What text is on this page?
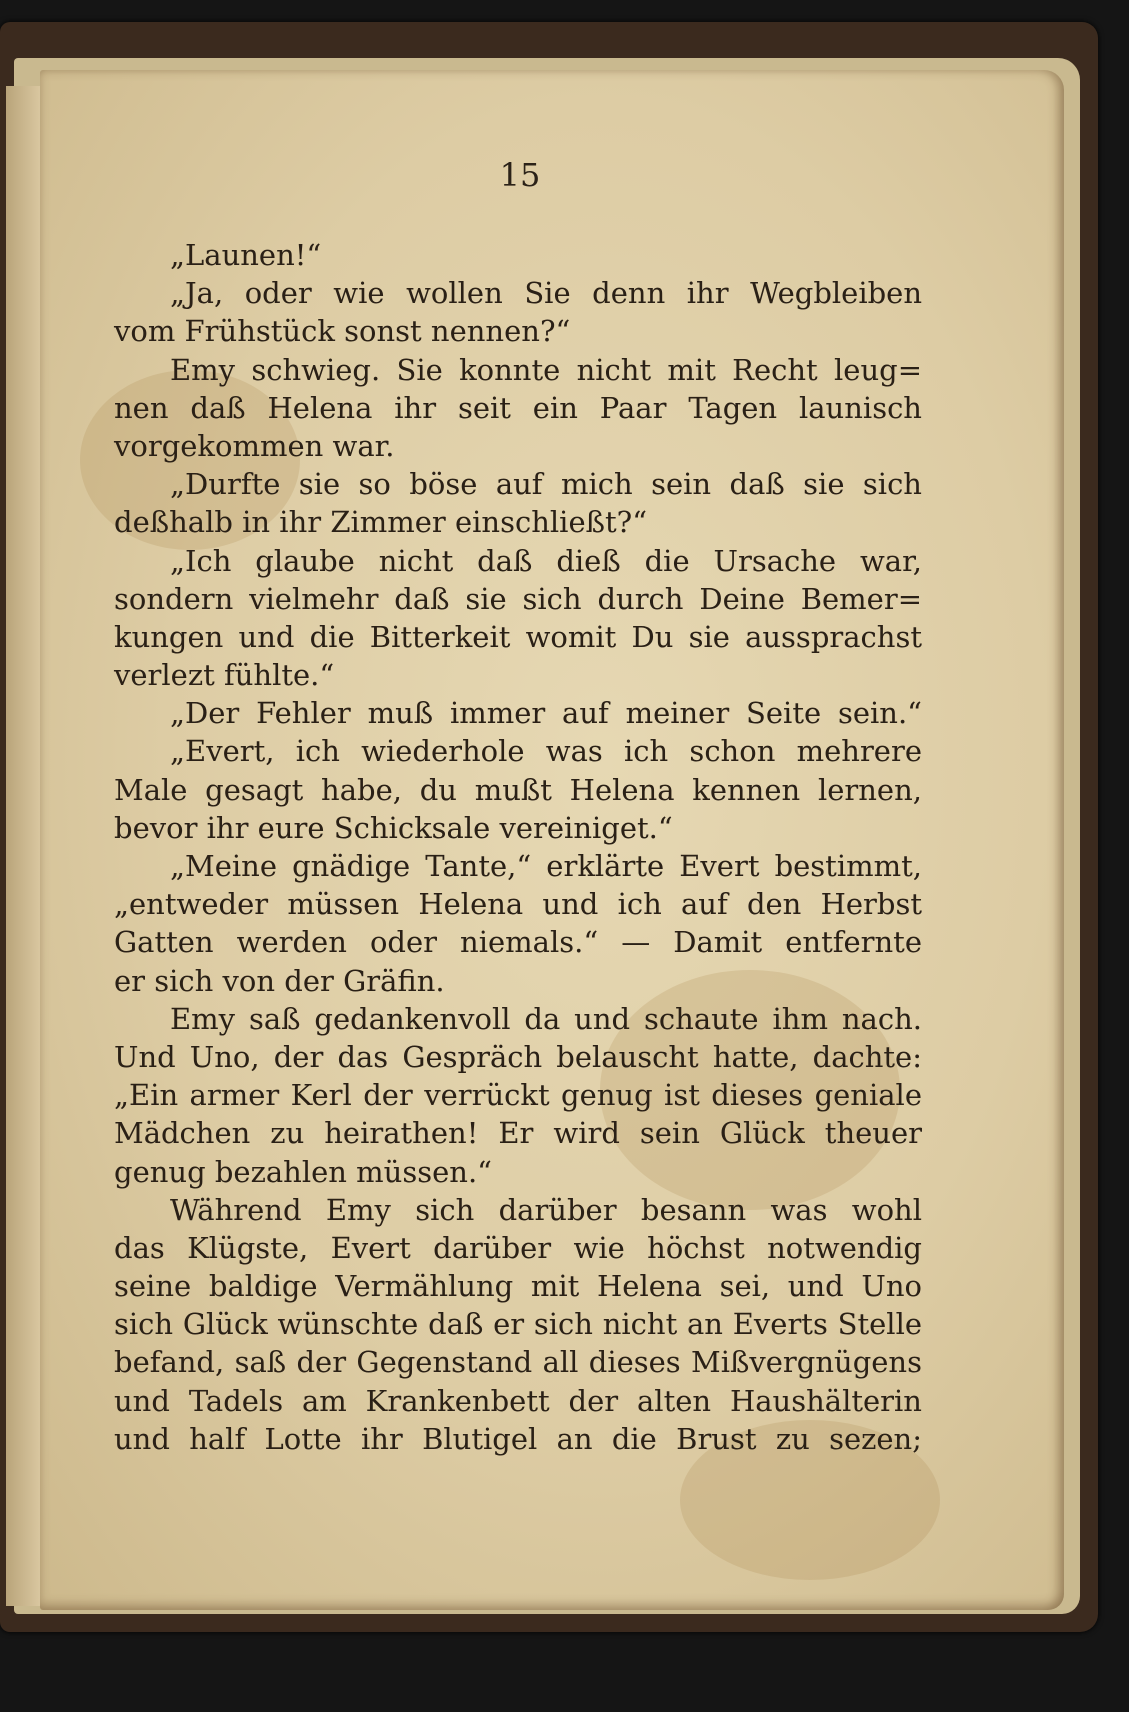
15
„Launen!“
„Ja, oder wie wollen Sie denn ihr Wegbleiben
vom Frühstück sonst nennen?“
Emy schwieg. Sie konnte nicht mit Recht leug=
nen daß Helena ihr seit ein Paar Tagen launisch
vorgekommen war.
„Durfte sie so böse auf mich sein daß sie sich
deßhalb in ihr Zimmer einschließt?“
„Ich glaube nicht daß dieß die Ursache war,
sondern vielmehr daß sie sich durch Deine Bemer=
kungen und die Bitterkeit womit Du sie aussprachst
verlezt fühlte.“
„Der Fehler muß immer auf meiner Seite sein.“
„Evert, ich wiederhole was ich schon mehrere
Male gesagt habe, du mußt Helena kennen lernen,
bevor ihr eure Schicksale vereiniget.“
„Meine gnädige Tante,“ erklärte Evert bestimmt,
„entweder müssen Helena und ich auf den Herbst
Gatten werden oder niemals.“ — Damit entfernte
er sich von der Gräfin.
Emy saß gedankenvoll da und schaute ihm nach.
Und Uno, der das Gespräch belauscht hatte, dachte:
„Ein armer Kerl der verrückt genug ist dieses geniale
Mädchen zu heirathen! Er wird sein Glück theuer
genug bezahlen müssen.“
Während Emy sich darüber besann was wohl
das Klügste, Evert darüber wie höchst notwendig
seine baldige Vermählung mit Helena sei, und Uno
sich Glück wünschte daß er sich nicht an Everts Stelle
befand, saß der Gegenstand all dieses Mißvergnügens
und Tadels am Krankenbett der alten Haushälterin
und half Lotte ihr Blutigel an die Brust zu sezen;
